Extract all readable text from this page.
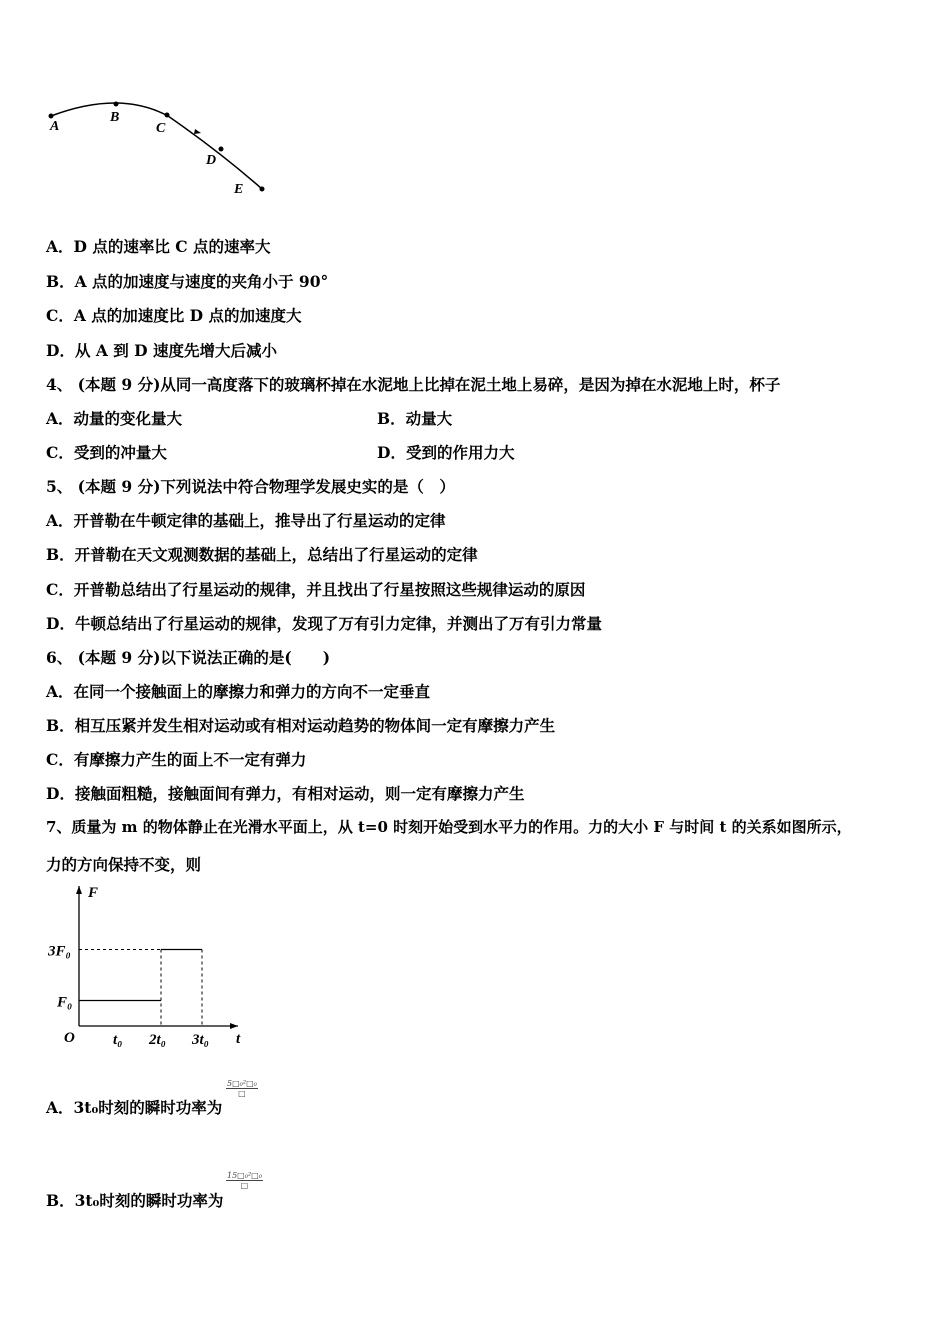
A
B
C
D
E
A．D 点的速率比 C 点的速率大
B．A 点的加速度与速度的夹角小于 90°
C．A 点的加速度比 D 点的加速度大
D．从 A 到 D 速度先增大后减小
4、 (本题 9 分)从同一高度落下的玻璃杯掉在水泥地上比掉在泥土地上易碎，是因为掉在水泥地上时，杯子
A．动量的变化量大	B．动量大
C．受到的冲量大	D．受到的作用力大
5、 (本题 9 分)下列说法中符合物理学发展史实的是（　）
A．开普勒在牛顿定律的基础上，推导出了行星运动的定律
B．开普勒在天文观测数据的基础上，总结出了行星运动的定律
C．开普勒总结出了行星运动的规律，并且找出了行星按照这些规律运动的原因
D．牛顿总结出了行星运动的规律，发现了万有引力定律，并测出了万有引力常量
6、 (本题 9 分)以下说法正确的是(　　)
A．在同一个接触面上的摩擦力和弹力的方向不一定垂直
B．相互压紧并发生相对运动或有相对运动趋势的物体间一定有摩擦力产生
C．有摩擦力产生的面上不一定有弹力
D．接触面粗糙，接触面间有弹力，有相对运动，则一定有摩擦力产生
7、质量为 m 的物体静止在光滑水平面上，从 t=0 时刻开始受到水平力的作用。力的大小 F 与时间 t 的关系如图所示，
力的方向保持不变，则
F
t
O
3F₀
F₀
t₀ 2t₀ 3t₀
A．3t₀时刻的瞬时功率为
5□₀²□₀
□
B．3t₀时刻的瞬时功率为
15□₀²□₀
□
